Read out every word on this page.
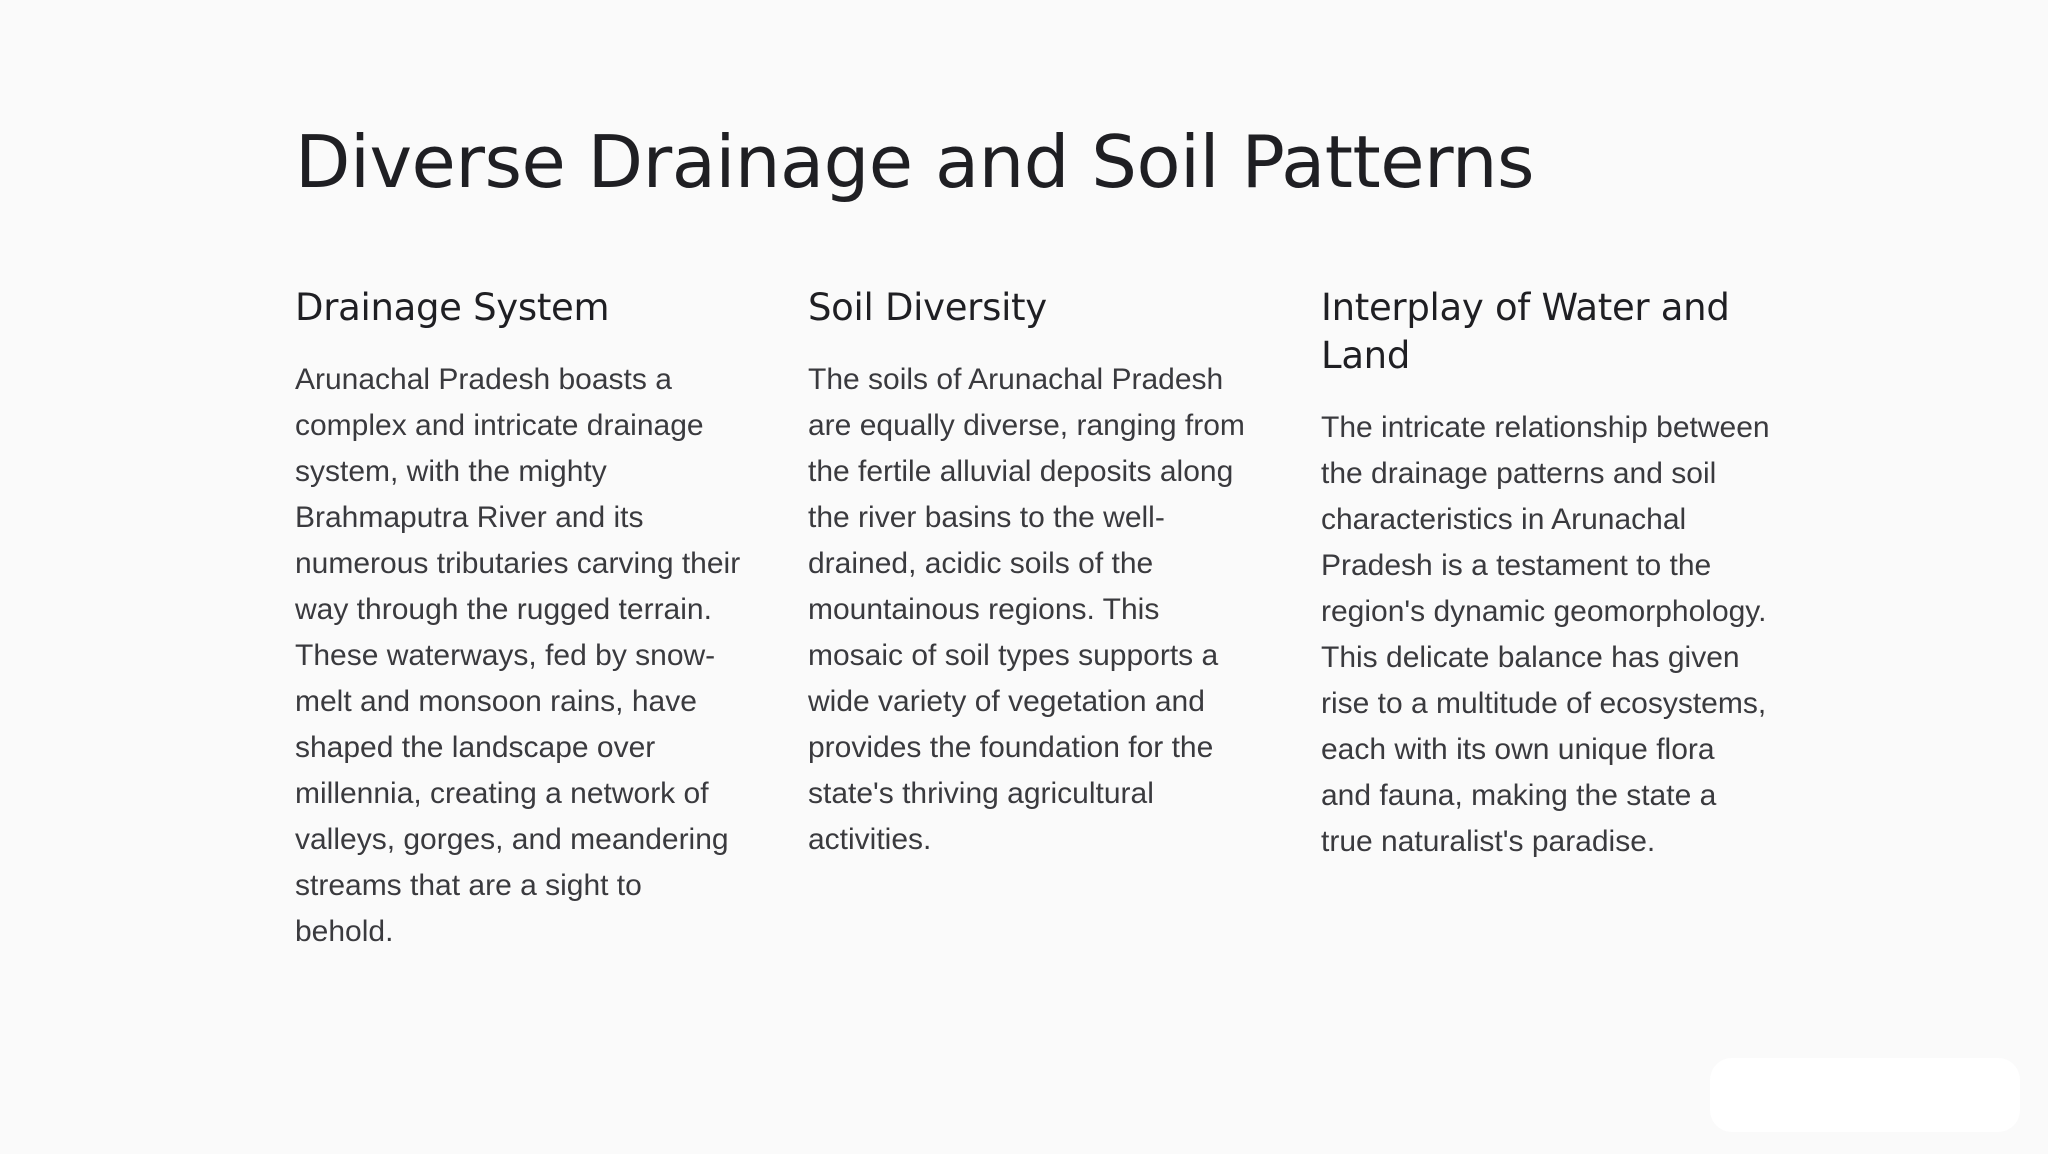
Diverse Drainage and Soil Patterns
Drainage System

Arunachal Pradesh boasts a complex and intricate drainage system, with the mighty Brahmaputra River and its numerous tributaries carving their way through the rugged terrain. These waterways, fed by snow-melt and monsoon rains, have shaped the landscape over millennia, creating a network of valleys, gorges, and meandering streams that are a sight to behold.

Soil Diversity

The soils of Arunachal Pradesh are equally diverse, ranging from the fertile alluvial deposits along the river basins to the well-drained, acidic soils of the mountainous regions. This mosaic of soil types supports a wide variety of vegetation and provides the foundation for the state's thriving agricultural activities.

Interplay of Water and Land

The intricate relationship between the drainage patterns and soil characteristics in Arunachal Pradesh is a testament to the region's dynamic geomorphology. This delicate balance has given rise to a multitude of ecosystems, each with its own unique flora and fauna, making the state a true naturalist's paradise.
